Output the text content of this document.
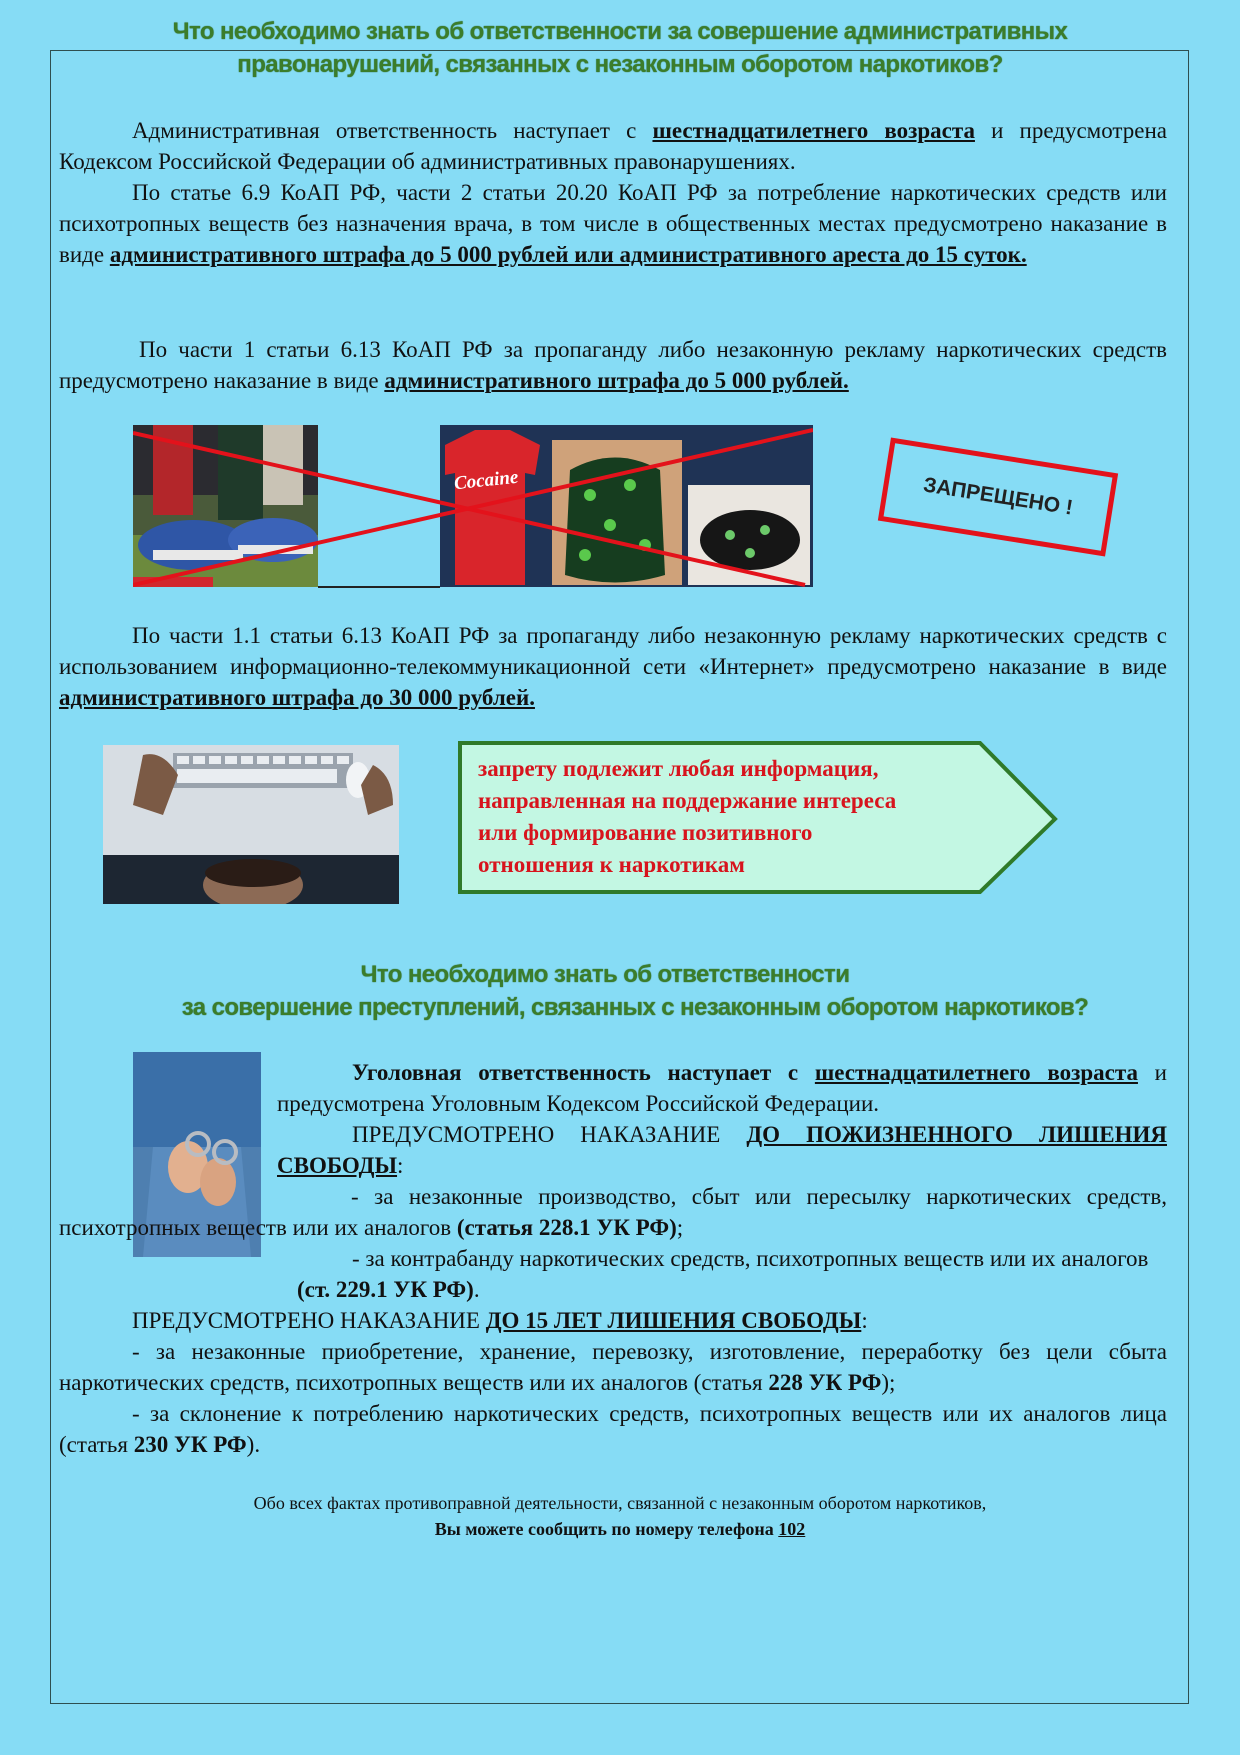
Что необходимо знать об ответственности за совершение административных
правонарушений, связанных с незаконным оборотом наркотиков?

Административная ответственность наступает с шестнадцатилетнего возраста и предусмотрена Кодексом Российской Федерации об административных правонарушениях.

По статье 6.9 КоАП РФ, части 2 статьи 20.20 КоАП РФ за потребление наркотических средств или психотропных веществ без назначения врача, в том числе в общественных местах предусмотрено наказание в виде административного штрафа до 5 000 рублей или административного ареста до 15 суток.

По части 1 статьи 6.13 КоАП РФ за пропаганду либо незаконную рекламу наркотических средств предусмотрено наказание в виде административного штрафа до 5 000 рублей.

Cocaine	ЗАПРЕЩЕНО !

По части 1.1 статьи 6.13 КоАП РФ за пропаганду либо незаконную рекламу наркотических средств с использованием информационно-телекоммуникационной сети «Интернет» предусмотрено наказание в виде административного штрафа до 30 000 рублей.

запрету подлежит любая информация,
направленная на поддержание интереса
или формирование позитивного
отношения к наркотикам
Что необходимо знать об ответственности
за совершение преступлений, связанных с незаконным оборотом наркотиков?

Уголовная ответственность наступает с шестнадцатилетнего возраста и предусмотрена Уголовным Кодексом Российской Федерации.

ПРЕДУСМОТРЕНО НАКАЗАНИЕ ДО ПОЖИЗНЕННОГО ЛИШЕНИЯ СВОБОДЫ:

- за незаконные производство, сбыт или пересылку наркотических средств, психотропных веществ или их аналогов (статья 228.1 УК РФ);

- за контрабанду наркотических средств, психотропных веществ или их аналогов (ст. 229.1 УК РФ).

ПРЕДУСМОТРЕНО НАКАЗАНИЕ ДО 15 ЛЕТ ЛИШЕНИЯ СВОБОДЫ:

- за незаконные приобретение, хранение, перевозку, изготовление, переработку без цели сбыта наркотических средств, психотропных веществ или их аналогов (статья 228 УК РФ);

- за склонение к потреблению наркотических средств, психотропных веществ или их аналогов лица (статья 230 УК РФ).

Обо всех фактах противоправной деятельности, связанной с незаконным оборотом наркотиков,
Вы можете сообщить по номеру телефона 102
